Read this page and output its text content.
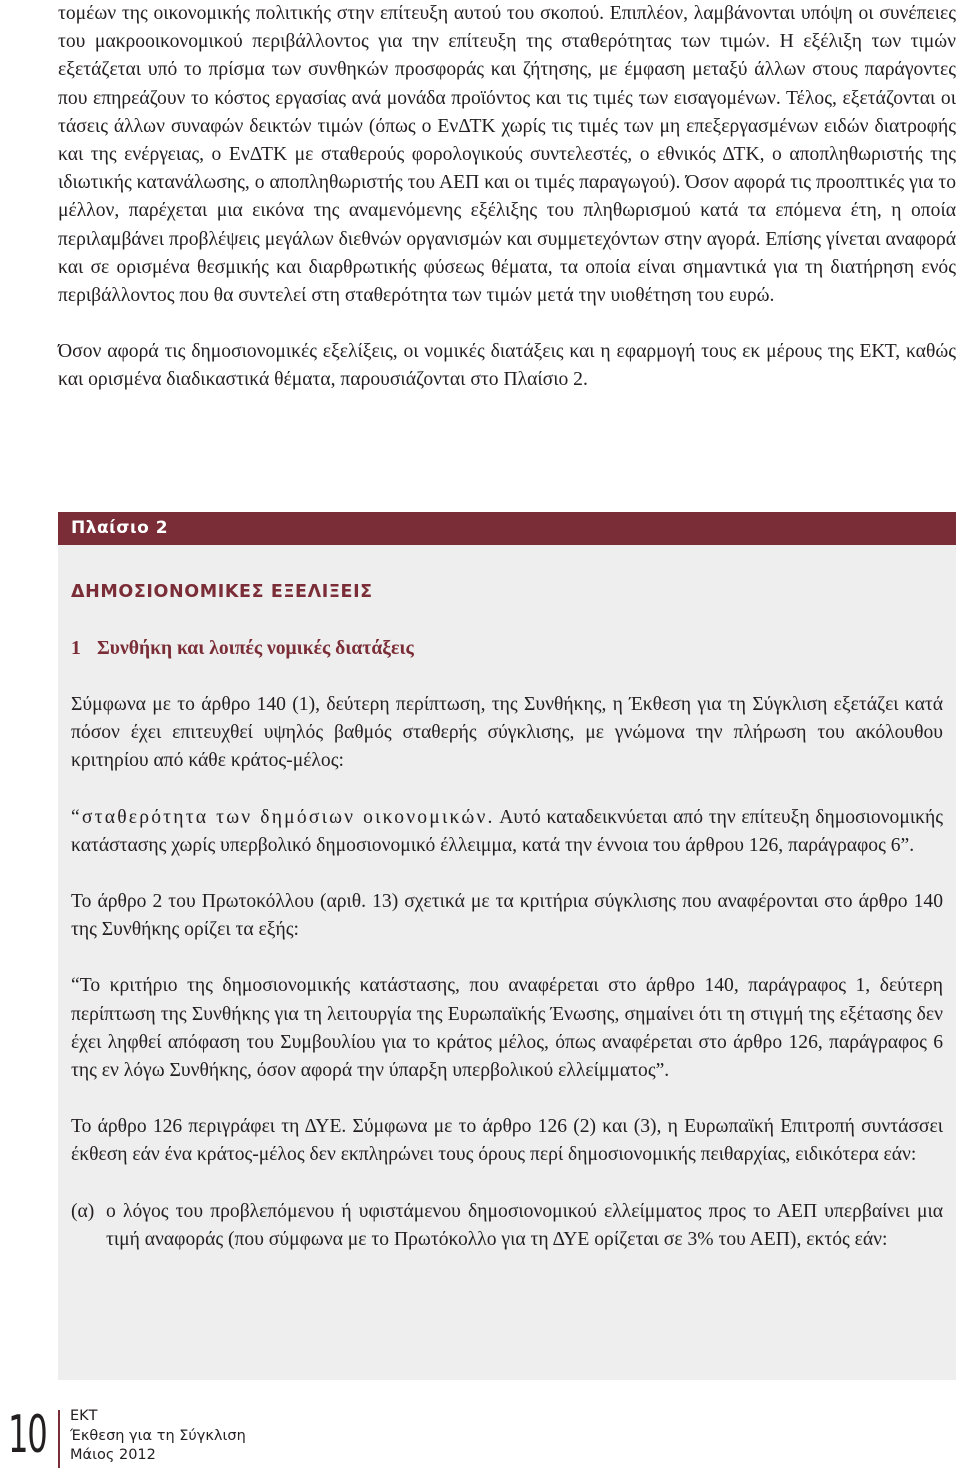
τομέων της οικονομικής πολιτικής στην επίτευξη αυτού του σκοπού. Επιπλέον, λαμβάνονται υπόψη οι συνέπειες του μακροοικονομικού περιβάλλοντος για την επίτευξη της σταθερότητας των τιμών. Η εξέλιξη των τιμών εξετάζεται υπό το πρίσμα των συνθηκών προσφοράς και ζήτησης, με έμφαση μεταξύ άλλων στους παράγοντες που επηρεάζουν το κόστος εργασίας ανά μονάδα προϊόντος και τις τιμές των εισαγομένων. Τέλος, εξετάζονται οι τάσεις άλλων συναφών δεικτών τιμών (όπως ο ΕνΔΤΚ χωρίς τις τιμές των μη επεξεργασμένων ειδών διατροφής και της ενέργειας, ο ΕνΔΤΚ με σταθερούς φορολογικούς συντελεστές, ο εθνικός ΔΤΚ, ο αποπληθωριστής της ιδιωτικής κατανάλωσης, ο αποπληθωριστής του ΑΕΠ και οι τιμές παραγωγού). Όσον αφορά τις προοπτικές για το μέλλον, παρέχεται μια εικόνα της αναμενόμενης εξέλιξης του πληθωρισμού κατά τα επόμενα έτη, η οποία περιλαμβάνει προβλέψεις μεγάλων διεθνών οργανισμών και συμμετεχόντων στην αγορά. Επίσης γίνεται αναφορά και σε ορισμένα θεσμικής και διαρθρωτικής φύσεως θέματα, τα οποία είναι σημαντικά για τη διατήρηση ενός περιβάλλοντος που θα συντελεί στη σταθερότητα των τιμών μετά την υιοθέτηση του ευρώ.

Όσον αφορά τις δημοσιονομικές εξελίξεις, οι νομικές διατάξεις και η εφαρμογή τους εκ μέρους της ΕΚΤ, καθώς και ορισμένα διαδικαστικά θέματα, παρουσιάζονται στο Πλαίσιο 2.

Πλαίσιο 2
ΔΗΜΟΣΙΟΝΟΜΙΚΕΣ ΕΞΕΛΙΞΕΙΣ
1 Συνθήκη και λοιπές νομικές διατάξεις

Σύμφωνα με το άρθρο 140 (1), δεύτερη περίπτωση, της Συνθήκης, η Έκθεση για τη Σύγκλιση εξετάζει κατά πόσον έχει επιτευχθεί υψηλός βαθμός σταθερής σύγκλισης, με γνώμονα την πλήρωση του ακόλουθου κριτηρίου από κάθε κράτος-μέλος:

“σταθερότητα των δημόσιων οικονομικών. Αυτό καταδεικνύεται από την επίτευξη δημοσιονομικής κατάστασης χωρίς υπερβολικό δημοσιονομικό έλλειμμα, κατά την έννοια του άρθρου 126, παράγραφος 6”.

Το άρθρο 2 του Πρωτοκόλλου (αριθ. 13) σχετικά με τα κριτήρια σύγκλισης που αναφέρονται στο άρθρο 140 της Συνθήκης ορίζει τα εξής:

“Το κριτήριο της δημοσιονομικής κατάστασης, που αναφέρεται στο άρθρο 140, παράγραφος 1, δεύτερη περίπτωση της Συνθήκης για τη λειτουργία της Ευρωπαϊκής Ένωσης, σημαίνει ότι τη στιγμή της εξέτασης δεν έχει ληφθεί απόφαση του Συμβουλίου για το κράτος μέλος, όπως αναφέρεται στο άρθρο 126, παράγραφος 6 της εν λόγω Συνθήκης, όσον αφορά την ύπαρξη υπερβολικού ελλείμματος”.

Το άρθρο 126 περιγράφει τη ΔΥΕ. Σύμφωνα με το άρθρο 126 (2) και (3), η Ευρωπαϊκή Επιτροπή συντάσσει έκθεση εάν ένα κράτος-μέλος δεν εκπληρώνει τους όρους περί δημοσιονομικής πειθαρχίας, ειδικότερα εάν:

(α) ο λόγος του προβλεπόμενου ή υφιστάμενου δημοσιονομικού ελλείμματος προς το ΑΕΠ υπερβαίνει μια τιμή αναφοράς (που σύμφωνα με το Πρωτόκολλο για τη ΔΥΕ ορίζεται σε 3% του ΑΕΠ), εκτός εάν:
10 ΕΚΤ
Έκθεση για τη Σύγκλιση
Μάιος 2012
